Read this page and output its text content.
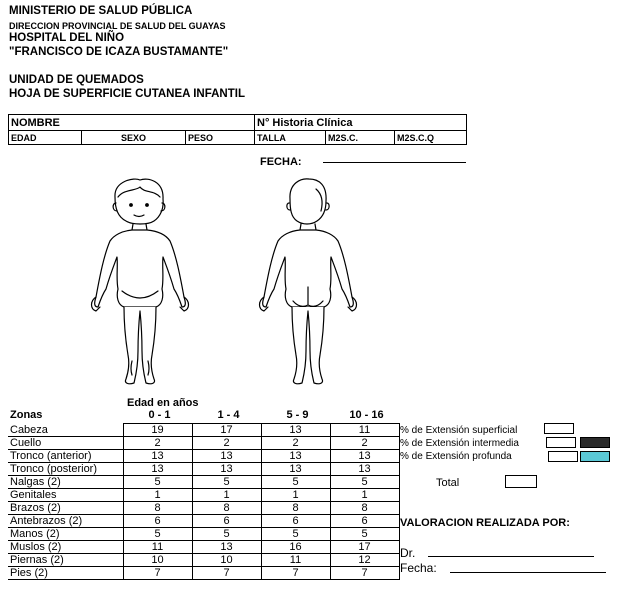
MINISTERIO DE SALUD PÚBLICA
DIRECCION PROVINCIAL DE SALUD DEL GUAYAS
HOSPITAL DEL NIÑO
"FRANCISCO DE ICAZA BUSTAMANTE"
UNIDAD DE QUEMADOS
HOJA DE SUPERFICIE CUTANEA INFANTIL
NOMBRE			N° Historia Clínica		
EDAD	SEXO	PESO	TALLA	M2S.C.	M2S.C.Q
FECHA:
Edad en años
Zonas	0 - 1	1 - 4	5 - 9	10 - 16
Cabeza	19	17	13	11
Cuello	2	2	2	2
Tronco (anterior)	13	13	13	13
Tronco (posterior)	13	13	13	13
Nalgas (2)	5	5	5	5
Genitales	1	1	1	1
Brazos (2)	8	8	8	8
Antebrazos (2)	6	6	6	6
Manos (2)	5	5	5	5
Muslos (2)	11	13	16	17
Piernas (2)	10	10	11	12
Pies (2)	7	7	7	7
% de Extensión superficial
% de Extensión intermedia
% de Extensión profunda
Total
VALORACION REALIZADA POR:
Dr.
Fecha:
